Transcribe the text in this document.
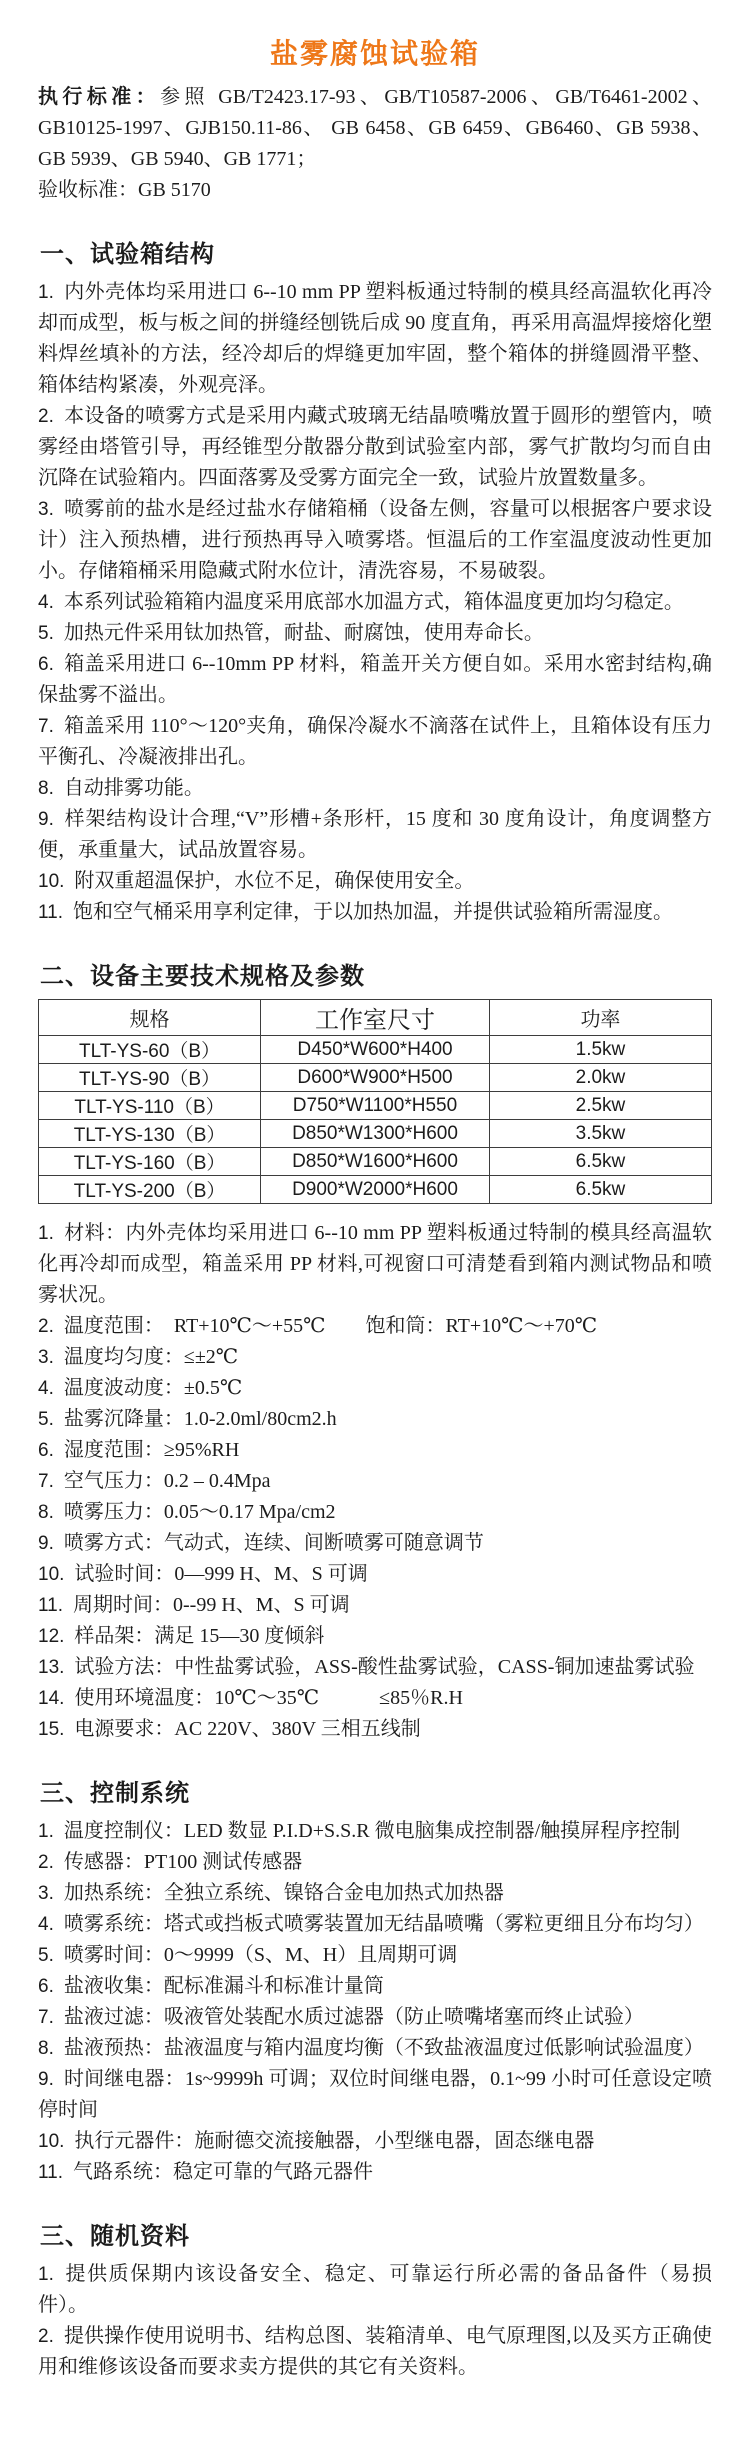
盐雾腐蚀试验箱

执行标准：参照 GB/T2423.17-93、GB/T10587-2006、GB/T6461-2002、GB10125-1997、GJB150.11-86、 GB 6458、GB 6459、GB6460、GB 5938、GB 5939、GB 5940、GB 1771；

验收标准：GB 5170

一、试验箱结构

1. 内外壳体均采用进口 6--10 mm PP 塑料板通过特制的模具经高温软化再冷却而成型，板与板之间的拼缝经刨铣后成 90 度直角，再采用高温焊接熔化塑料焊丝填补的方法，经冷却后的焊缝更加牢固，整个箱体的拼缝圆滑平整、箱体结构紧凑，外观亮泽。

2. 本设备的喷雾方式是采用内藏式玻璃无结晶喷嘴放置于圆形的塑管内，喷雾经由塔管引导，再经锥型分散器分散到试验室内部，雾气扩散均匀而自由沉降在试验箱内。四面落雾及受雾方面完全一致，试验片放置数量多。

3. 喷雾前的盐水是经过盐水存储箱桶（设备左侧，容量可以根据客户要求设计）注入预热槽，进行预热再导入喷雾塔。恒温后的工作室温度波动性更加小。存储箱桶采用隐藏式附水位计，清洗容易，不易破裂。

4. 本系列试验箱箱内温度采用底部水加温方式，箱体温度更加均匀稳定。

5. 加热元件采用钛加热管，耐盐、耐腐蚀，使用寿命长。

6. 箱盖采用进口 6--10mm PP 材料，箱盖开关方便自如。采用水密封结构,确保盐雾不溢出。

7. 箱盖采用 110°～120°夹角，确保冷凝水不滴落在试件上，且箱体设有压力平衡孔、冷凝液排出孔。

8. 自动排雾功能。

9. 样架结构设计合理,“V”形槽+条形杆，15 度和 30 度角设计，角度调整方便，承重量大，试品放置容易。

10. 附双重超温保护，水位不足，确保使用安全。

11. 饱和空气桶采用享利定律，于以加热加温，并提供试验箱所需湿度。

二、设备主要技术规格及参数
规格	工作室尺寸	功率
TLT-YS-60（B）	D450*W600*H400	1.5kw
TLT-YS-90（B）	D600*W900*H500	2.0kw
TLT-YS-110（B）	D750*W1100*H550	2.5kw
TLT-YS-130（B）	D850*W1300*H600	3.5kw
TLT-YS-160（B）	D850*W1600*H600	6.5kw
TLT-YS-200（B）	D900*W2000*H600	6.5kw

1. 材料：内外壳体均采用进口 6--10 mm PP 塑料板通过特制的模具经高温软化再冷却而成型，箱盖采用 PP 材料,可视窗口可清楚看到箱内测试物品和喷雾状况。

2. 温度范围：　RT+10℃～+55℃　　饱和筒：RT+10℃～+70℃

3. 温度均匀度：≤±2℃

4. 温度波动度：±0.5℃

5. 盐雾沉降量：1.0-2.0ml/80cm2.h

6. 湿度范围：≥95%RH

7. 空气压力：0.2 – 0.4Mpa

8. 喷雾压力：0.05～0.17 Mpa/cm2

9. 喷雾方式：气动式，连续、间断喷雾可随意调节

10. 试验时间：0—999 H、M、S 可调

11. 周期时间：0--99 H、M、S 可调

12. 样品架：满足 15—30 度倾斜

13. 试验方法：中性盐雾试验，ASS-酸性盐雾试验，CASS-铜加速盐雾试验

14. 使用环境温度：10℃～35℃　　　≤85％R.H

15. 电源要求：AC 220V、380V 三相五线制

三、控制系统

1. 温度控制仪：LED 数显 P.I.D+S.S.R 微电脑集成控制器/触摸屏程序控制

2. 传感器：PT100 测试传感器

3. 加热系统：全独立系统、镍铬合金电加热式加热器

4. 喷雾系统：塔式或挡板式喷雾装置加无结晶喷嘴（雾粒更细且分布均匀）

5. 喷雾时间：0～9999（S、M、H）且周期可调

6. 盐液收集：配标准漏斗和标准计量筒

7. 盐液过滤：吸液管处装配水质过滤器（防止喷嘴堵塞而终止试验）

8. 盐液预热：盐液温度与箱内温度均衡（不致盐液温度过低影响试验温度）

9. 时间继电器：1s~9999h 可调；双位时间继电器，0.1~99 小时可任意设定喷停时间

10. 执行元器件：施耐德交流接触器，小型继电器，固态继电器

11. 气路系统：稳定可靠的气路元器件

三、随机资料

1. 提供质保期内该设备安全、稳定、可靠运行所必需的备品备件（易损件）。

2. 提供操作使用说明书、结构总图、装箱清单、电气原理图,以及买方正确使用和维修该设备而要求卖方提供的其它有关资料。
